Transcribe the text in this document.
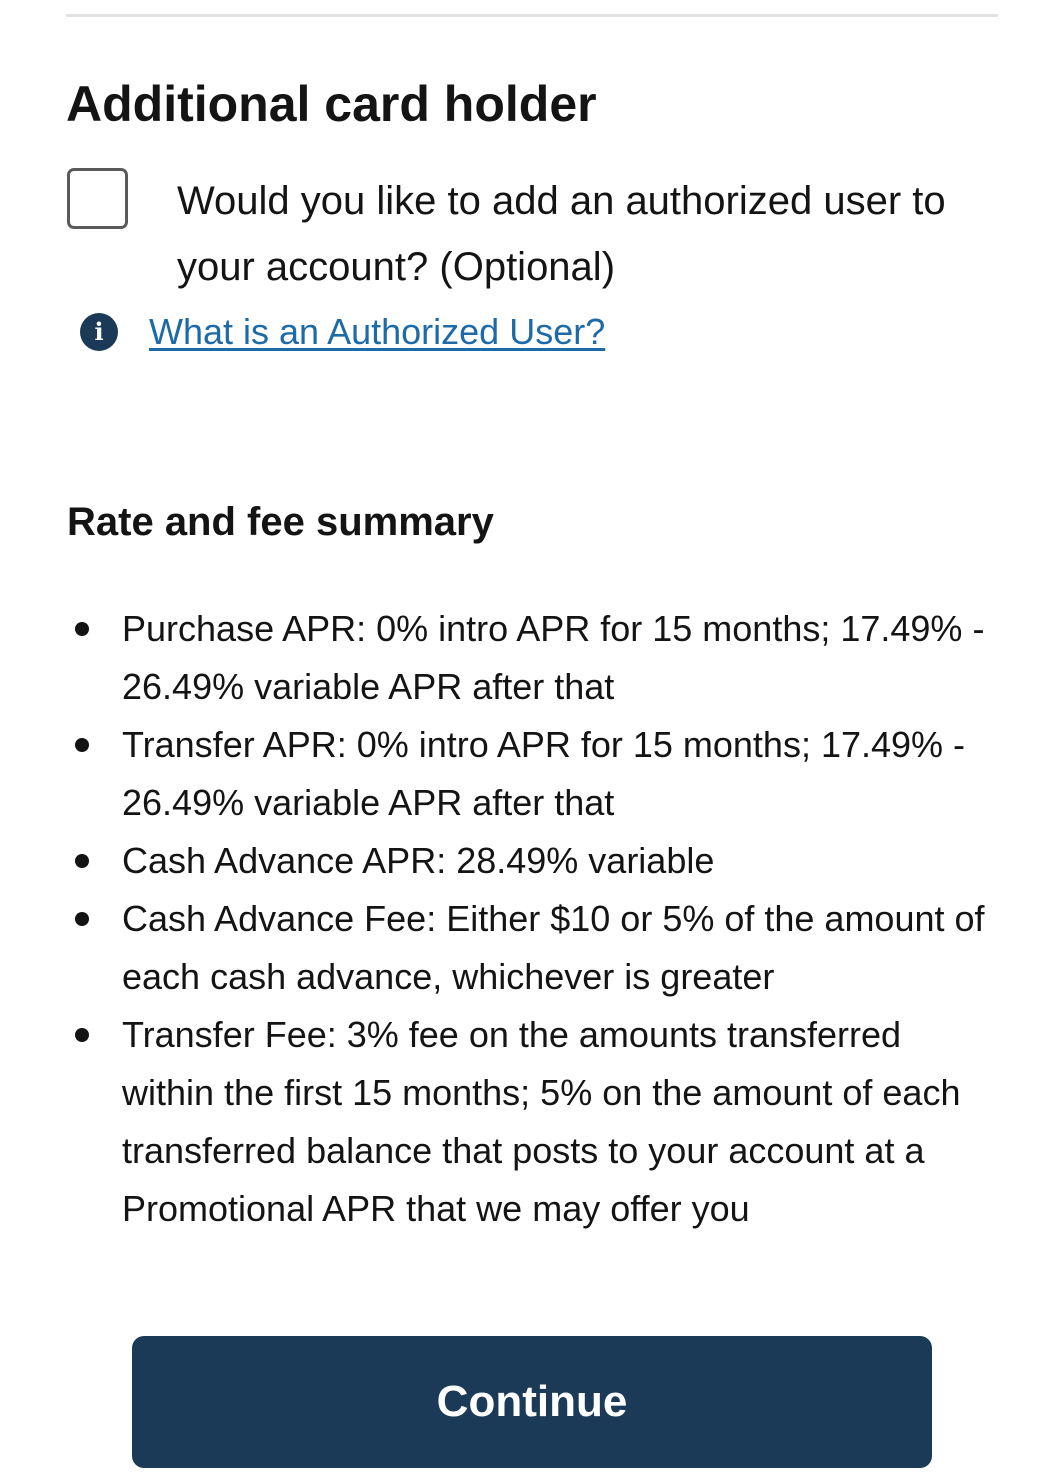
Additional card holder
Would you like to add an authorized user to your account? (Optional)
i	What is an Authorized User?
Rate and fee summary
Purchase APR: 0% intro APR for 15 months; 17.49% - 26.49% variable APR after that
Transfer APR: 0% intro APR for 15 months; 17.49% - 26.49% variable APR after that
Cash Advance APR: 28.49% variable
Cash Advance Fee: Either $10 or 5% of the amount of each cash advance, whichever is greater
Transfer Fee: 3% fee on the amounts transferred within the first 15 months; 5% on the amount of each transferred balance that posts to your account at a Promotional APR that we may offer you
Continue
